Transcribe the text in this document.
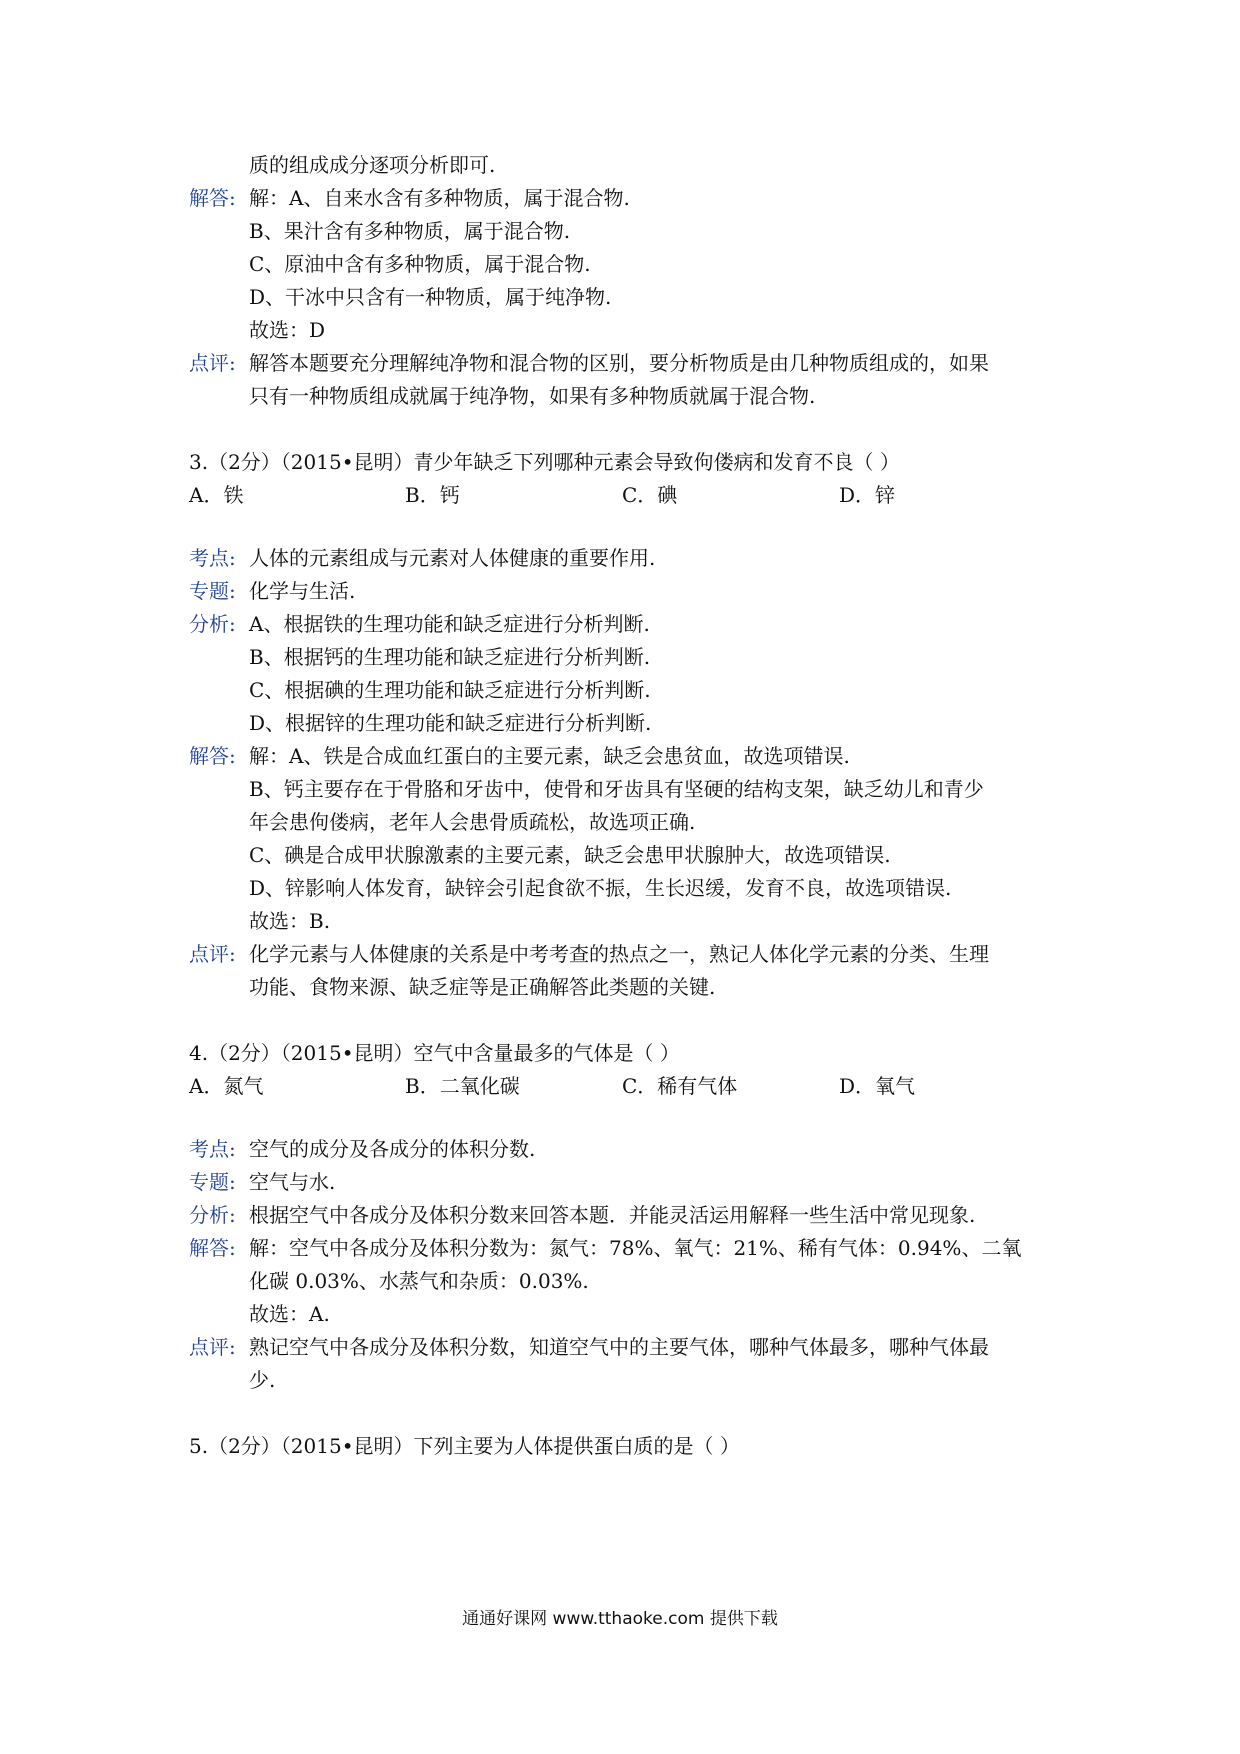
质的组成成分逐项分析即可.
解答: 解：A、自来水含有多种物质，属于混合物.
B、果汁含有多种物质，属于混合物.
C、原油中含有多种物质，属于混合物.
D、干冰中只含有一种物质，属于纯净物.
故选：D
点评: 解答本题要充分理解纯净物和混合物的区别，要分析物质是由几种物质组成的，如果
只有一种物质组成就属于纯净物，如果有多种物质就属于混合物.
3.（2分）（2015•昆明）青少年缺乏下列哪种元素会导致佝偻病和发育不良（ ）
A．铁	B．钙	C．碘	D．锌
考点: 人体的元素组成与元素对人体健康的重要作用.
专题: 化学与生活.
分析: A、根据铁的生理功能和缺乏症进行分析判断.
B、根据钙的生理功能和缺乏症进行分析判断.
C、根据碘的生理功能和缺乏症进行分析判断.
D、根据锌的生理功能和缺乏症进行分析判断.
解答: 解：A、铁是合成血红蛋白的主要元素，缺乏会患贫血，故选项错误.
B、钙主要存在于骨胳和牙齿中，使骨和牙齿具有坚硬的结构支架，缺乏幼儿和青少
年会患佝偻病，老年人会患骨质疏松，故选项正确.
C、碘是合成甲状腺激素的主要元素，缺乏会患甲状腺肿大，故选项错误.
D、锌影响人体发育，缺锌会引起食欲不振，生长迟缓，发育不良，故选项错误.
故选：B.
点评: 化学元素与人体健康的关系是中考考查的热点之一，熟记人体化学元素的分类、生理
功能、食物来源、缺乏症等是正确解答此类题的关键.
4.（2分）（2015•昆明）空气中含量最多的气体是（ ）
A．氮气	B．二氧化碳	C．稀有气体	D．氧气
考点: 空气的成分及各成分的体积分数.
专题: 空气与水.
分析: 根据空气中各成分及体积分数来回答本题．并能灵活运用解释一些生活中常见现象.
解答: 解：空气中各成分及体积分数为：氮气：78%、氧气：21%、稀有气体：0.94%、二氧
化碳 0.03%、水蒸气和杂质：0.03%.
故选：A.
点评: 熟记空气中各成分及体积分数，知道空气中的主要气体，哪种气体最多，哪种气体最
少.
5.（2分）（2015•昆明）下列主要为人体提供蛋白质的是（ ）
通通好课网 www.tthaoke.com 提供下载
